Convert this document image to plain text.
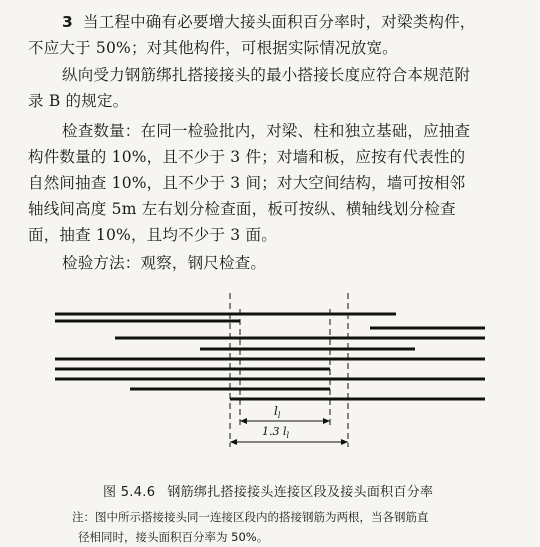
3 当工程中确有必要增大接头面积百分率时，对梁类构件，
不应大于 50%；对其他构件，可根据实际情况放宽。
纵向受力钢筋绑扎搭接接头的最小搭接长度应符合本规范附
录 B 的规定。
检查数量：在同一检验批内，对梁、柱和独立基础，应抽查
构件数量的 10%，且不少于 3 件；对墙和板，应按有代表性的
自然间抽查 10%，且不少于 3 间；对大空间结构，墙可按相邻
轴线间高度 5m 左右划分检查面，板可按纵、横轴线划分检查
面，抽查 10%，且均不少于 3 面。
检验方法：观察，钢尺检查。
$l_l$
1.3 $l_l$
图 5.4.6 钢筋绑扎搭接接头连接区段及接头面积百分率
注：图中所示搭接接头同一连接区段内的搭接钢筋为两根，当各钢筋直
径相同时，接头面积百分率为 50%。
